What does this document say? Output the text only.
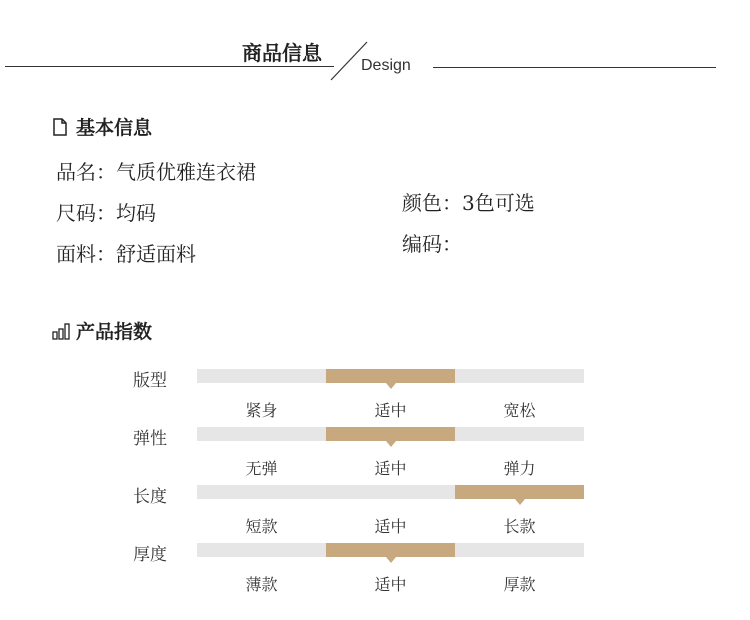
商品信息
Design
基本信息
品名：气质优雅连衣裙
尺码：均码
面料：舒适面料
颜色：3色可选
编码：
产品指数
版型
紧身	适中	宽松
弹性
无弹	适中	弹力
长度
短款	适中	长款
厚度
薄款	适中	厚款
